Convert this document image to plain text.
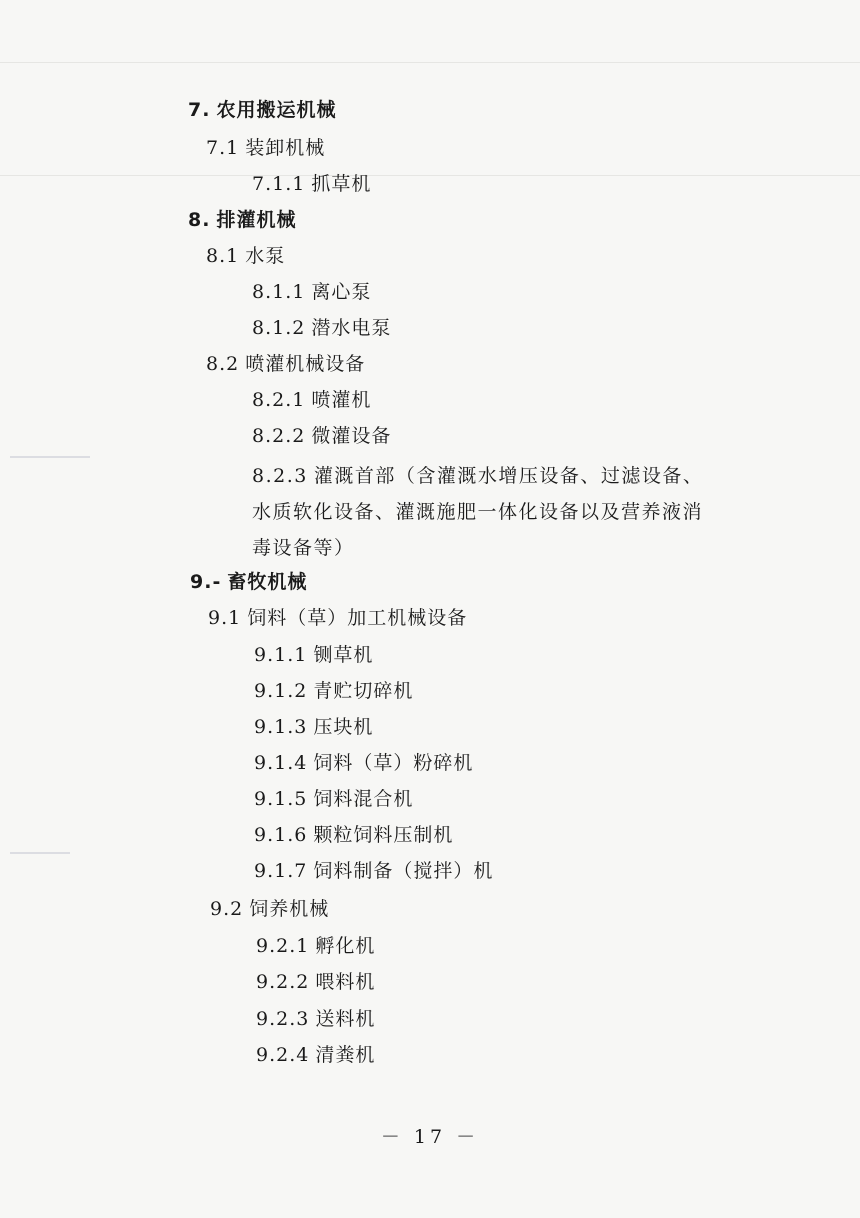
7. 农用搬运机械
7.1 装卸机械
7.1.1 抓草机
8. 排灌机械
8.1 水泵
8.1.1 离心泵
8.1.2 潜水电泵
8.2 喷灌机械设备
8.2.1 喷灌机
8.2.2 微灌设备
8.2.3 灌溉首部（含灌溉水增压设备、过滤设备、水质软化设备、灌溉施肥一体化设备以及营养液消毒设备等）
9.- 畜牧机械
9.1 饲料（草）加工机械设备
9.1.1 铡草机
9.1.2 青贮切碎机
9.1.3 压块机
9.1.4 饲料（草）粉碎机
9.1.5 饲料混合机
9.1.6 颗粒饲料压制机
9.1.7 饲料制备（搅拌）机
9.2 饲养机械
9.2.1 孵化机
9.2.2 喂料机
9.2.3 送料机
9.2.4 清粪机
－ 17 －
